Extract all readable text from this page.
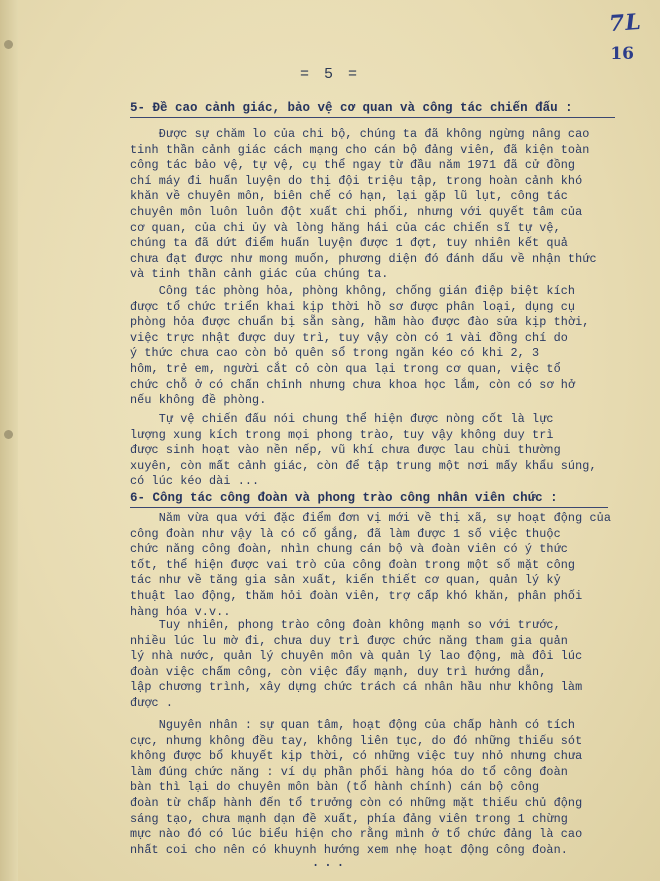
7L
16
= 5 =
5- Đề cao cảnh giác, bảo vệ cơ quan và công tác chiến đấu :
Được sự chăm lo của chi bộ, chúng ta đã không ngừng nâng cao
tinh thần cảnh giác cách mạng cho cán bộ đảng viên, đã kiện toàn
công tác bảo vệ, tự vệ, cụ thể ngay từ đầu năm 1971 đã cử đồng
chí máy đi huấn luyện do thị đội triệu tập, trong hoàn cảnh khó
khăn về chuyên môn, biên chế có hạn, lại gặp lũ lụt, công tác
chuyên môn luôn luôn đột xuất chi phối, nhưng với quyết tâm của
cơ quan, của chi ủy và lòng hăng hái của các chiến sĩ tự vệ,
chúng ta đã dứt điểm huấn luyện được 1 đợt, tuy nhiên kết quả
chưa đạt được như mong muốn, phương diện đó đánh dấu về nhận thức
và tinh thần cảnh giác của chúng ta.
Công tác phòng hỏa, phòng không, chống gián điệp biệt kích
được tổ chức triển khai kịp thời hồ sơ được phân loại, dụng cụ
phòng hỏa được chuẩn bị sẵn sàng, hầm hào được đào sửa kịp thời,
việc trực nhật được duy trì, tuy vậy còn có 1 vài đồng chí do
ý thức chưa cao còn bỏ quên sổ trong ngăn kéo có khi 2, 3
hôm, trẻ em, người cắt cỏ còn qua lại trong cơ quan, việc tổ
chức chỗ ở có chấn chỉnh nhưng chưa khoa học lắm, còn có sơ hở
nếu không đề phòng.
Tự vệ chiến đấu nói chung thể hiện được nòng cốt là lực
lượng xung kích trong mọi phong trào, tuy vậy không duy trì
được sinh hoạt vào nền nếp, vũ khí chưa được lau chùi thường
xuyên, còn mất cảnh giác, còn để tập trung một nơi mấy khẩu súng,
có lúc kéo dài ...
6- Công tác công đoàn và phong trào công nhân viên chức :
Năm vừa qua với đặc điểm đơn vị mới về thị xã, sự hoạt động của
công đoàn như vậy là có cố gắng, đã làm được 1 số việc thuộc
chức năng công đoàn, nhìn chung cán bộ và đoàn viên có ý thức
tốt, thể hiện được vai trò của công đoàn trong một số mặt công
tác như về tăng gia sản xuất, kiến thiết cơ quan, quản lý kỷ
thuật lao động, thăm hỏi đoàn viên, trợ cấp khó khăn, phân phối
hàng hóa v.v..
Tuy nhiên, phong trào công đoàn không mạnh so với trước,
nhiều lúc lu mờ đi, chưa duy trì được chức năng tham gia quản
lý nhà nước, quản lý chuyên môn và quản lý lao động, mà đôi lúc
đoàn việc chấm công, còn việc đẩy mạnh, duy trì hướng dẫn,
lập chương trình, xây dựng chức trách cá nhân hầu như không làm
được .
Nguyên nhân : sự quan tâm, hoạt động của chấp hành có tích
cực, nhưng không đều tay, không liên tục, do đó những thiếu sót
không được bổ khuyết kịp thời, có những việc tuy nhỏ nhưng chưa
làm đúng chức năng : ví dụ phần phối hàng hóa do tổ công đoàn
bàn thì lại do chuyên môn bàn (tổ hành chính) cán bộ công
đoàn từ chấp hành đến tổ trưởng còn có những mặt thiếu chủ động
sáng tạo, chưa mạnh dạn đề xuất, phía đảng viên trong 1 chừng
mực nào đó có lúc biểu hiện cho rằng mình ở tổ chức đảng là cao
nhất coi cho nên có khuynh hướng xem nhẹ hoạt động công đoàn.
...
